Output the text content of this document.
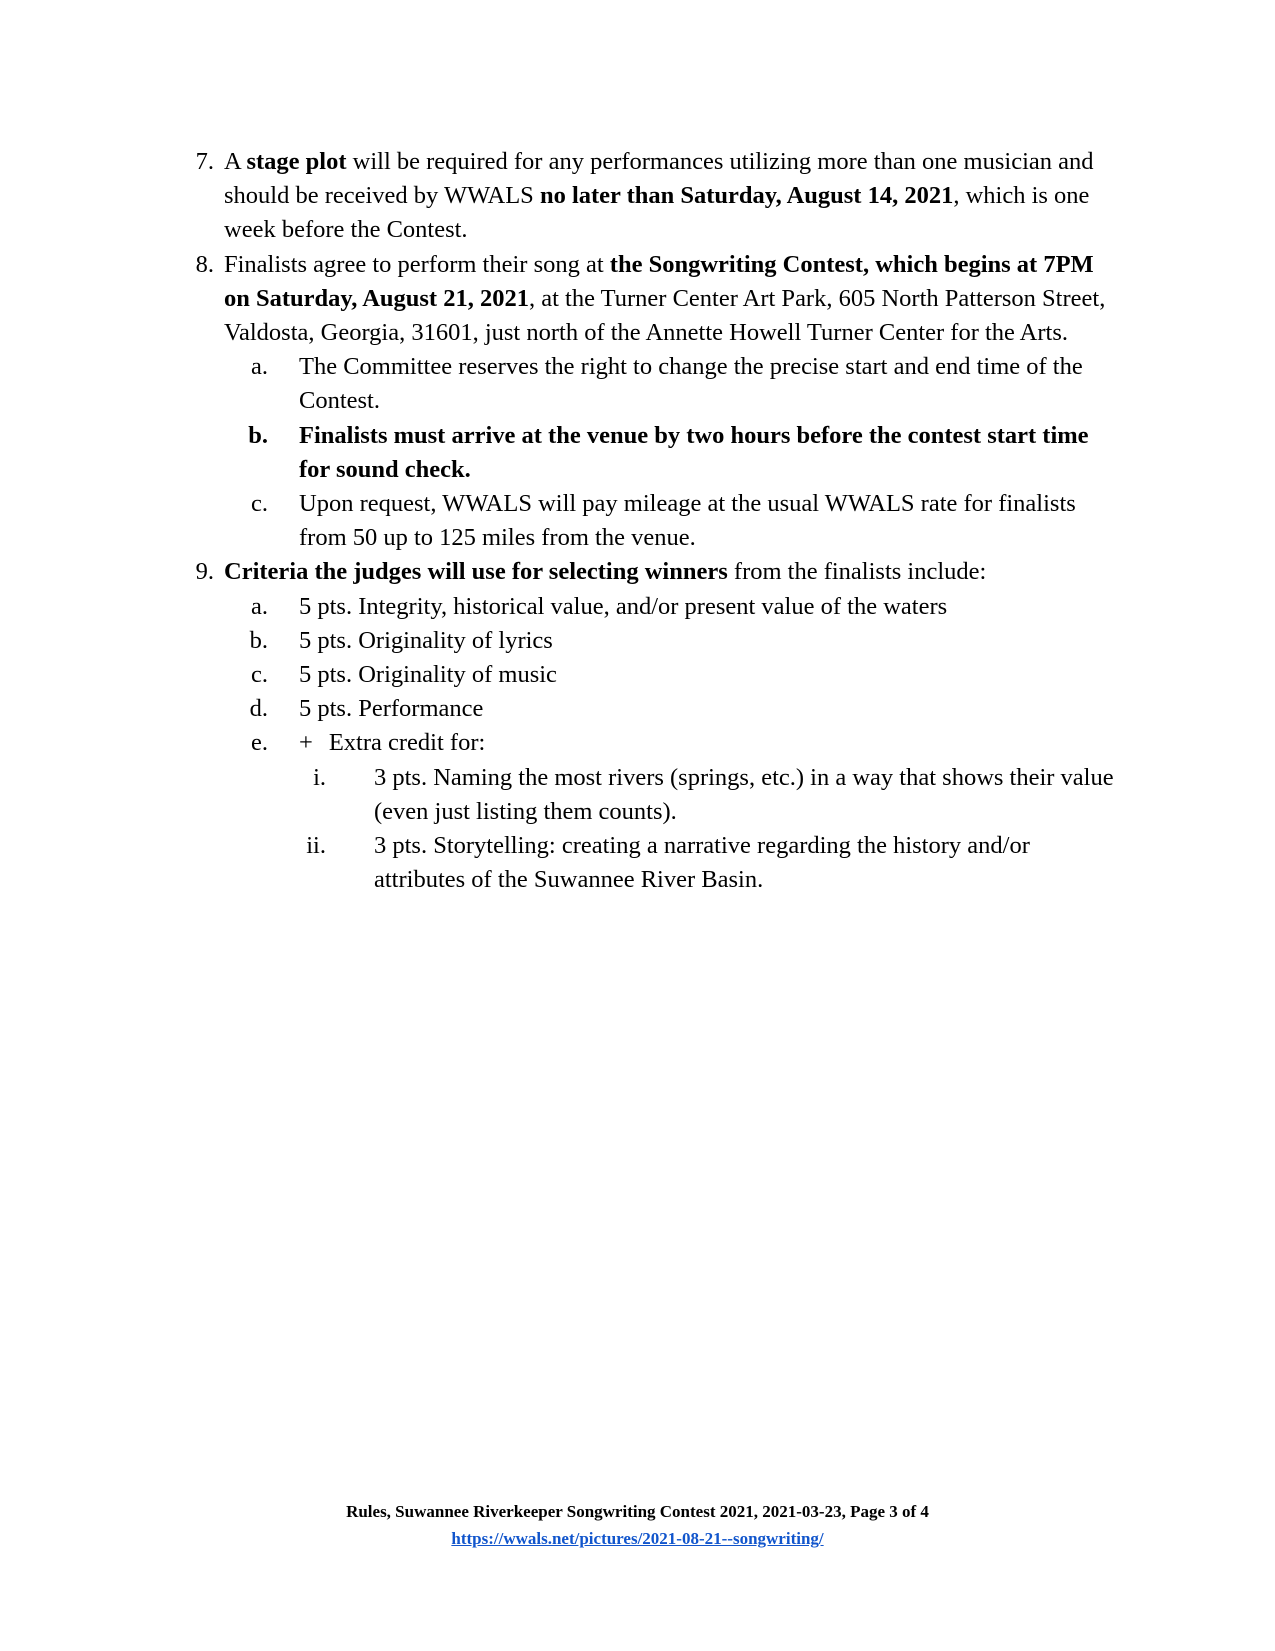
7. A stage plot will be required for any performances utilizing more than one musician and should be received by WWALS no later than Saturday, August 14, 2021, which is one week before the Contest.
8. Finalists agree to perform their song at the Songwriting Contest, which begins at 7PM on Saturday, August 21, 2021, at the Turner Center Art Park, 605 North Patterson Street, Valdosta, Georgia, 31601, just north of the Annette Howell Turner Center for the Arts.
a. The Committee reserves the right to change the precise start and end time of the Contest.
b. Finalists must arrive at the venue by two hours before the contest start time for sound check.
c. Upon request, WWALS will pay mileage at the usual WWALS rate for finalists from 50 up to 125 miles from the venue.
9. Criteria the judges will use for selecting winners from the finalists include:
a. 5 pts. Integrity, historical value, and/or present value of the waters
b. 5 pts. Originality of lyrics
c. 5 pts. Originality of music
d. 5 pts. Performance
e. + Extra credit for:
i. 3 pts. Naming the most rivers (springs, etc.) in a way that shows their value (even just listing them counts).
ii. 3 pts. Storytelling: creating a narrative regarding the history and/or attributes of the Suwannee River Basin.
Rules, Suwannee Riverkeeper Songwriting Contest 2021, 2021-03-23, Page 3 of 4
https://wwals.net/pictures/2021-08-21--songwriting/
